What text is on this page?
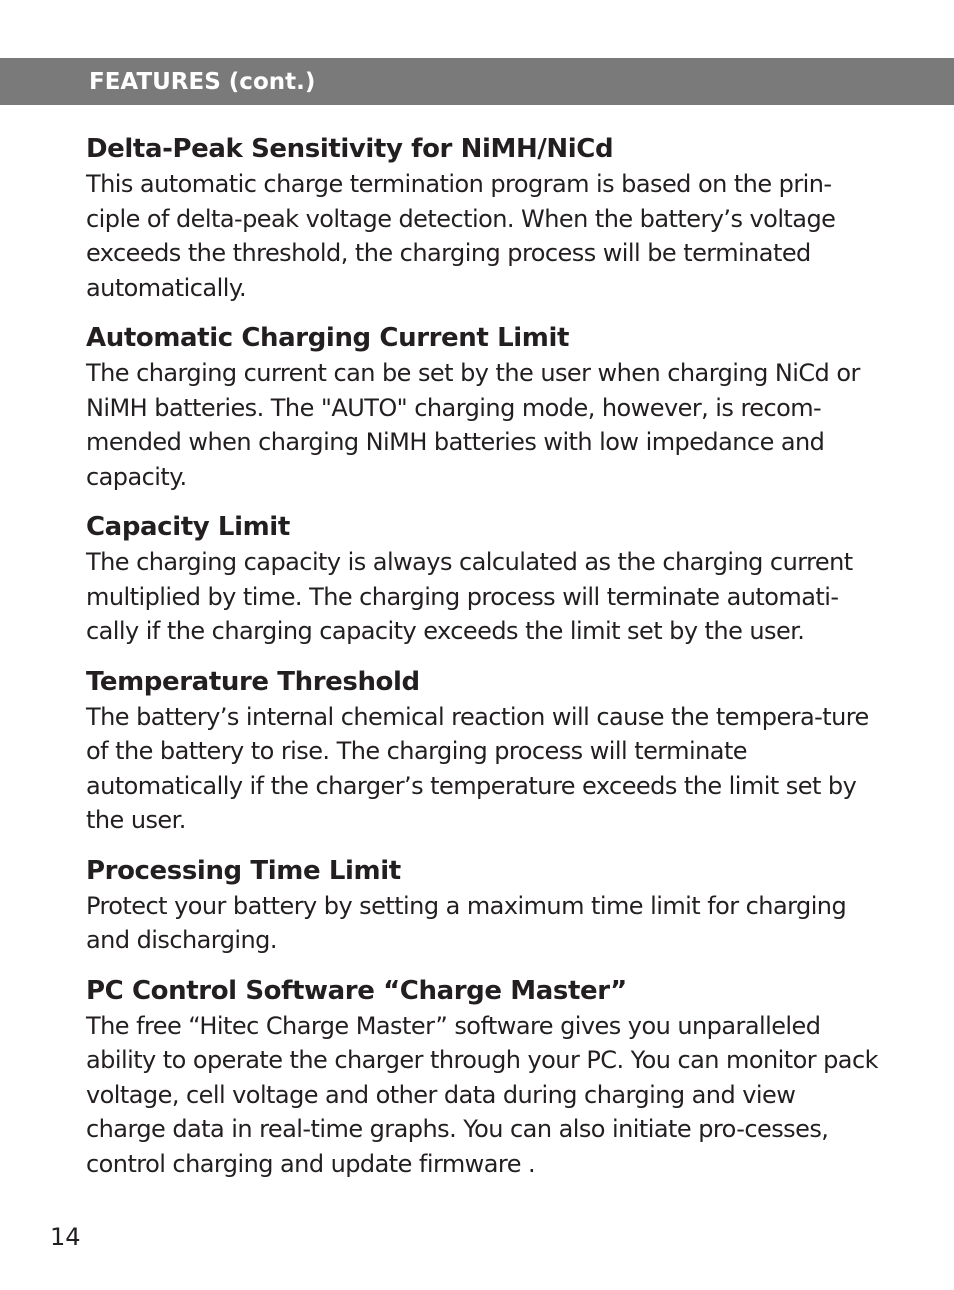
FEATURES (cont.)
Delta-Peak Sensitivity for NiMH/NiCd

This automatic charge termination program is based on the prin-ciple of delta-peak voltage detection. When the battery’s voltage exceeds the threshold, the charging process will be terminated automatically.

Automatic Charging Current Limit

The charging current can be set by the user when charging NiCd or NiMH batteries. The "AUTO" charging mode, however, is recom-mended when charging NiMH batteries with low impedance and capacity.

Capacity Limit

The charging capacity is always calculated as the charging current multiplied by time. The charging process will terminate automati-cally if the charging capacity exceeds the limit set by the user.

Temperature Threshold

The battery’s internal chemical reaction will cause the tempera-ture of the battery to rise. The charging process will terminate automatically if the charger’s temperature exceeds the limit set by the user.

Processing Time Limit

Protect your battery by setting a maximum time limit for charging and discharging.

PC Control Software “Charge Master”

The free “Hitec Charge Master” software gives you unparalleled ability to operate the charger through your PC. You can monitor pack voltage, cell voltage and other data during charging and view charge data in real-time graphs. You can also initiate pro-cesses, control charging and update firmware .

14
